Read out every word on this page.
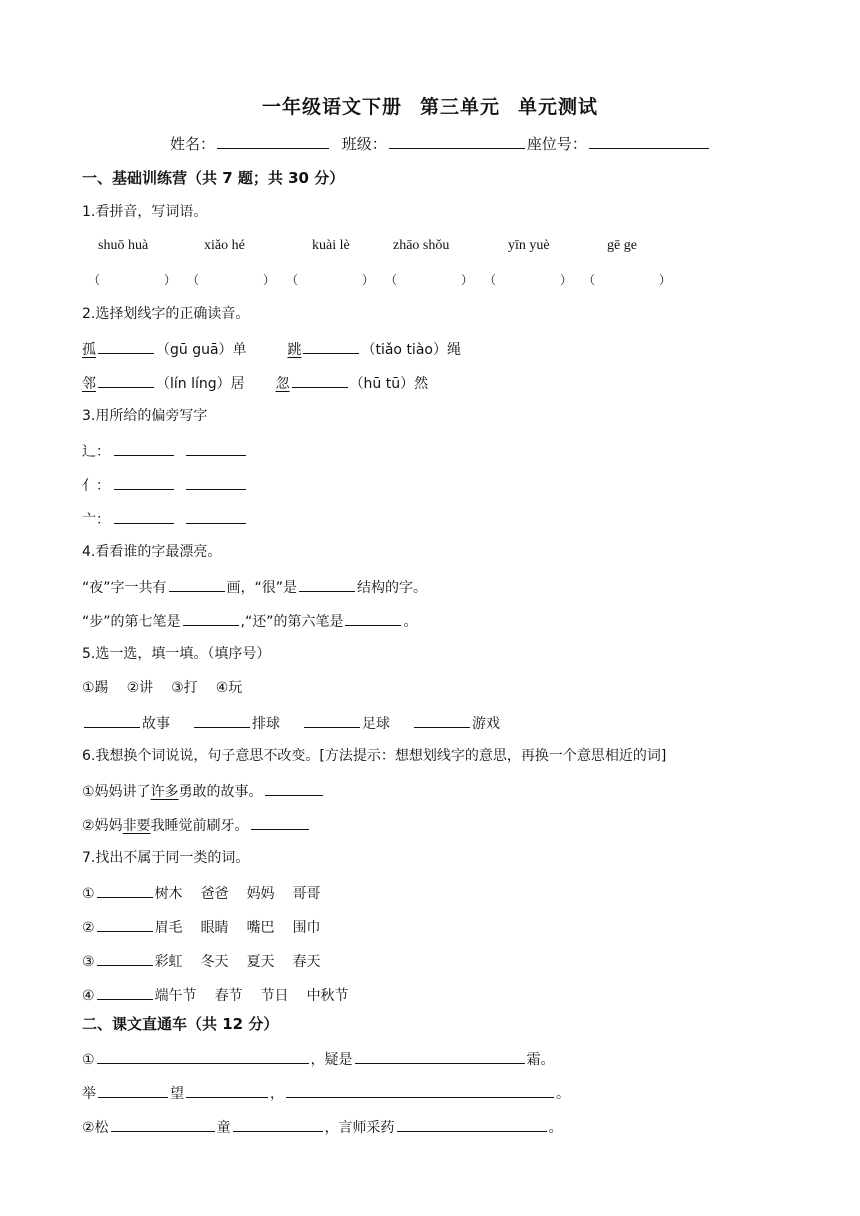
一年级语文下册 第三单元 单元测试
姓名：	班级：	座位号：
一、基础训练营（共 7 题；共 30 分）
1.看拼音，写词语。
shuō huà	xiǎo hé	kuài lè	zhāo shǒu	yīn yuè	gē ge
（	） （	） （	） （	） （	） （	）
2.选择划线字的正确读音。
孤	（gū guā）单	跳	（tiǎo tiào）绳
邻	（lín líng）居 忽	（hū tū）然
3.用所给的偏旁写字
辶：
亻：
亠：
4.看看谁的字最漂亮。
“夜”字一共有	画，“很”是	结构的字。
“步”的第七笔是	,“还”的第六笔是	。
5.选一选，填一填。（填序号）
①踢 ②讲 ③打 ④玩
故事	排球	足球	游戏
6.我想换个词说说，句子意思不改变。[方法提示：想想划线字的意思，再换一个意思相近的词]
①妈妈讲了许多勇敢的故事。
②妈妈非要我睡觉前刷牙。
7.找出不属于同一类的词。
①	树木 爸爸 妈妈 哥哥
②	眉毛 眼睛 嘴巴 围巾
③	彩虹 冬天 夏天 春天
④	端午节 春节 节日 中秋节
二、课文直通车（共 12 分）
①	，疑是	霜。
举	望	，	。
②松	童	，言师采药	。
